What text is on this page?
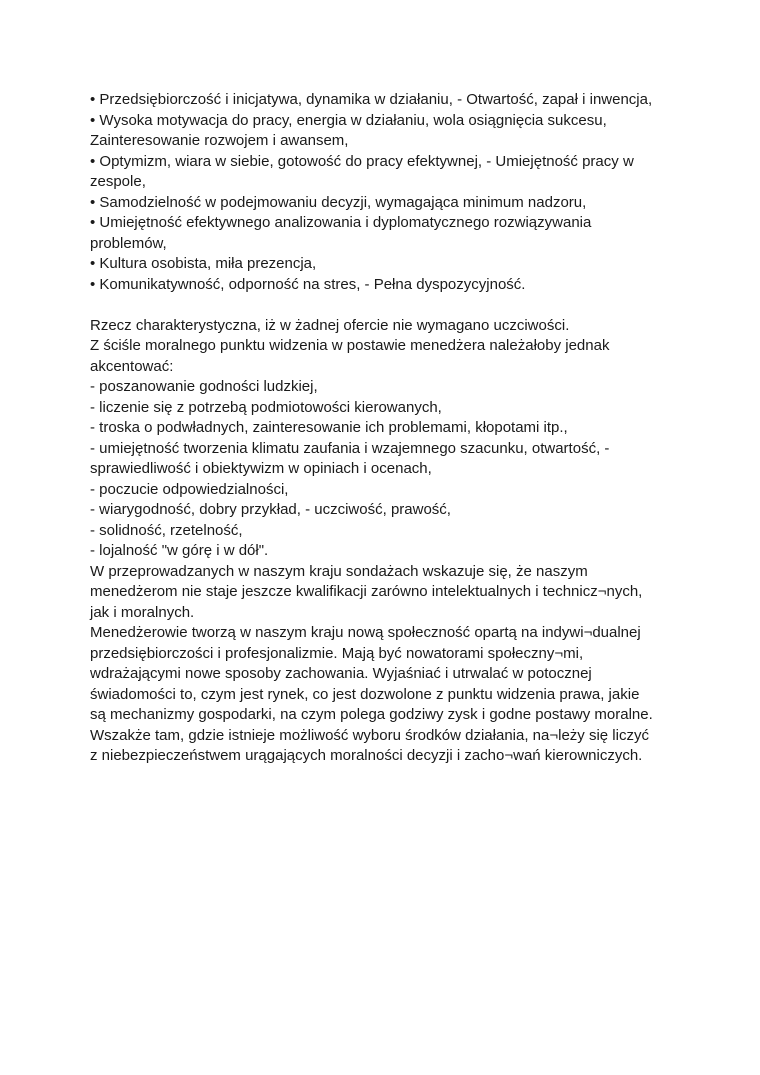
• Przedsiębiorczość i inicjatywa, dynamika w działaniu, - Otwartość, zapał i inwencja,
• Wysoka motywacja do pracy, energia w działaniu, wola osiągnięcia sukcesu,
Zainteresowanie rozwojem i awansem,
• Optymizm, wiara w siebie, gotowość do pracy efektywnej, - Umiejętność pracy w
zespole,
• Samodzielność w podejmowaniu decyzji, wymagająca minimum nadzoru,
• Umiejętność efektywnego analizowania i dyplomatycznego rozwiązywania
problemów,
• Kultura osobista, miła prezencja,
• Komunikatywność, odporność na stres, - Pełna dyspozycyjność.
Rzecz charakterystyczna, iż w żadnej ofercie nie wymagano uczciwości.
Z ściśle moralnego punktu widzenia w postawie menedżera należałoby jednak
akcentować:
- poszanowanie godności ludzkiej,
- liczenie się z potrzebą podmiotowości kierowanych,
- troska o podwładnych, zainteresowanie ich problemami, kłopotami itp.,
- umiejętność tworzenia klimatu zaufania i wzajemnego szacunku, otwartość, -
sprawiedliwość i obiektywizm w opiniach i ocenach,
- poczucie odpowiedzialności,
- wiarygodność, dobry przykład, - uczciwość, prawość,
- solidność, rzetelność,
- lojalność "w górę i w dół".
W przeprowadzanych w naszym kraju sondażach wskazuje się, że naszym
menedżerom nie staje jeszcze kwalifikacji zarówno intelektualnych i technicz¬nych,
jak i moralnych.
Menedżerowie tworzą w naszym kraju nową społeczność opartą na indywi¬dualnej
przedsiębiorczości i profesjonalizmie. Mają być nowatorami społeczny¬mi,
wdrażającymi nowe sposoby zachowania. Wyjaśniać i utrwalać w potocznej
świadomości to, czym jest rynek, co jest dozwolone z punktu widzenia prawa, jakie
są mechanizmy gospodarki, na czym polega godziwy zysk i godne postawy moralne.
Wszakże tam, gdzie istnieje możliwość wyboru środków działania, na¬leży się liczyć
z niebezpieczeństwem urągających moralności decyzji i zacho¬wań kierowniczych.
